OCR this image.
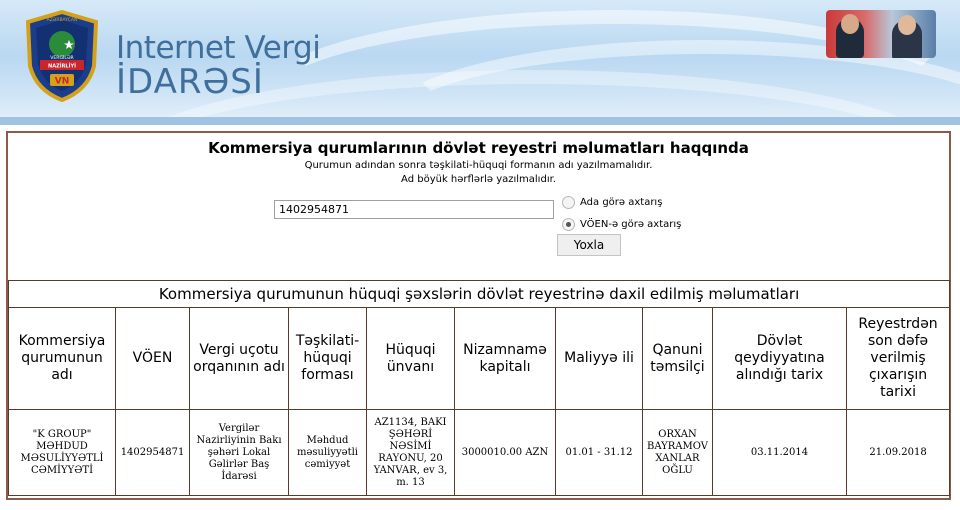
NAZİRLİYİ
VN
AZƏRBAYCAN
VERGİLƏR Internet Vergi
İDARƏSİ
Kommersiya qurumlarının dövlət reyestri məlumatları haqqında
Qurumun adından sonra təşkilati-hüquqi formanın adı yazılmamalıdır.
Ad böyük hərflərlə yazılmalıdır.
1402954871
Ada görə axtarış
VÖEN-ə görə axtarış
Yoxla
Kommersiya qurumunun hüquqi şəxslərin dövlət reyestrinə daxil edilmiş məlumatları									
Kommersiya qurumunun adı	VÖEN	Vergi uçotu orqanının adı	Təşkilati-hüquqi forması	Hüquqi ünvanı	Nizamnamə kapitalı	Maliyyə ili	Qanuni təmsilçi	Dövlət qeydiyyatına alındığı tarix	Reyestrdən son dəfə verilmiş çıxarışın tarixi
"K GROUP" MƏHDUD MƏSULİYYƏTLİ CƏMİYYƏTİ	1402954871	Vergilər Nazirliyinin Bakı şəhəri Lokal Gəlirlər Baş İdarəsi	Məhdud məsuliyyətli cəmiyyət	AZ1134, BAKI ŞƏHƏRİ NƏSİMİ RAYONU, 20 YANVAR, ev 3, m. 13	3000010.00 AZN	01.01 - 31.12	ORXAN BAYRAMOV XANLAR OĞLU	03.11.2014	21.09.2018
